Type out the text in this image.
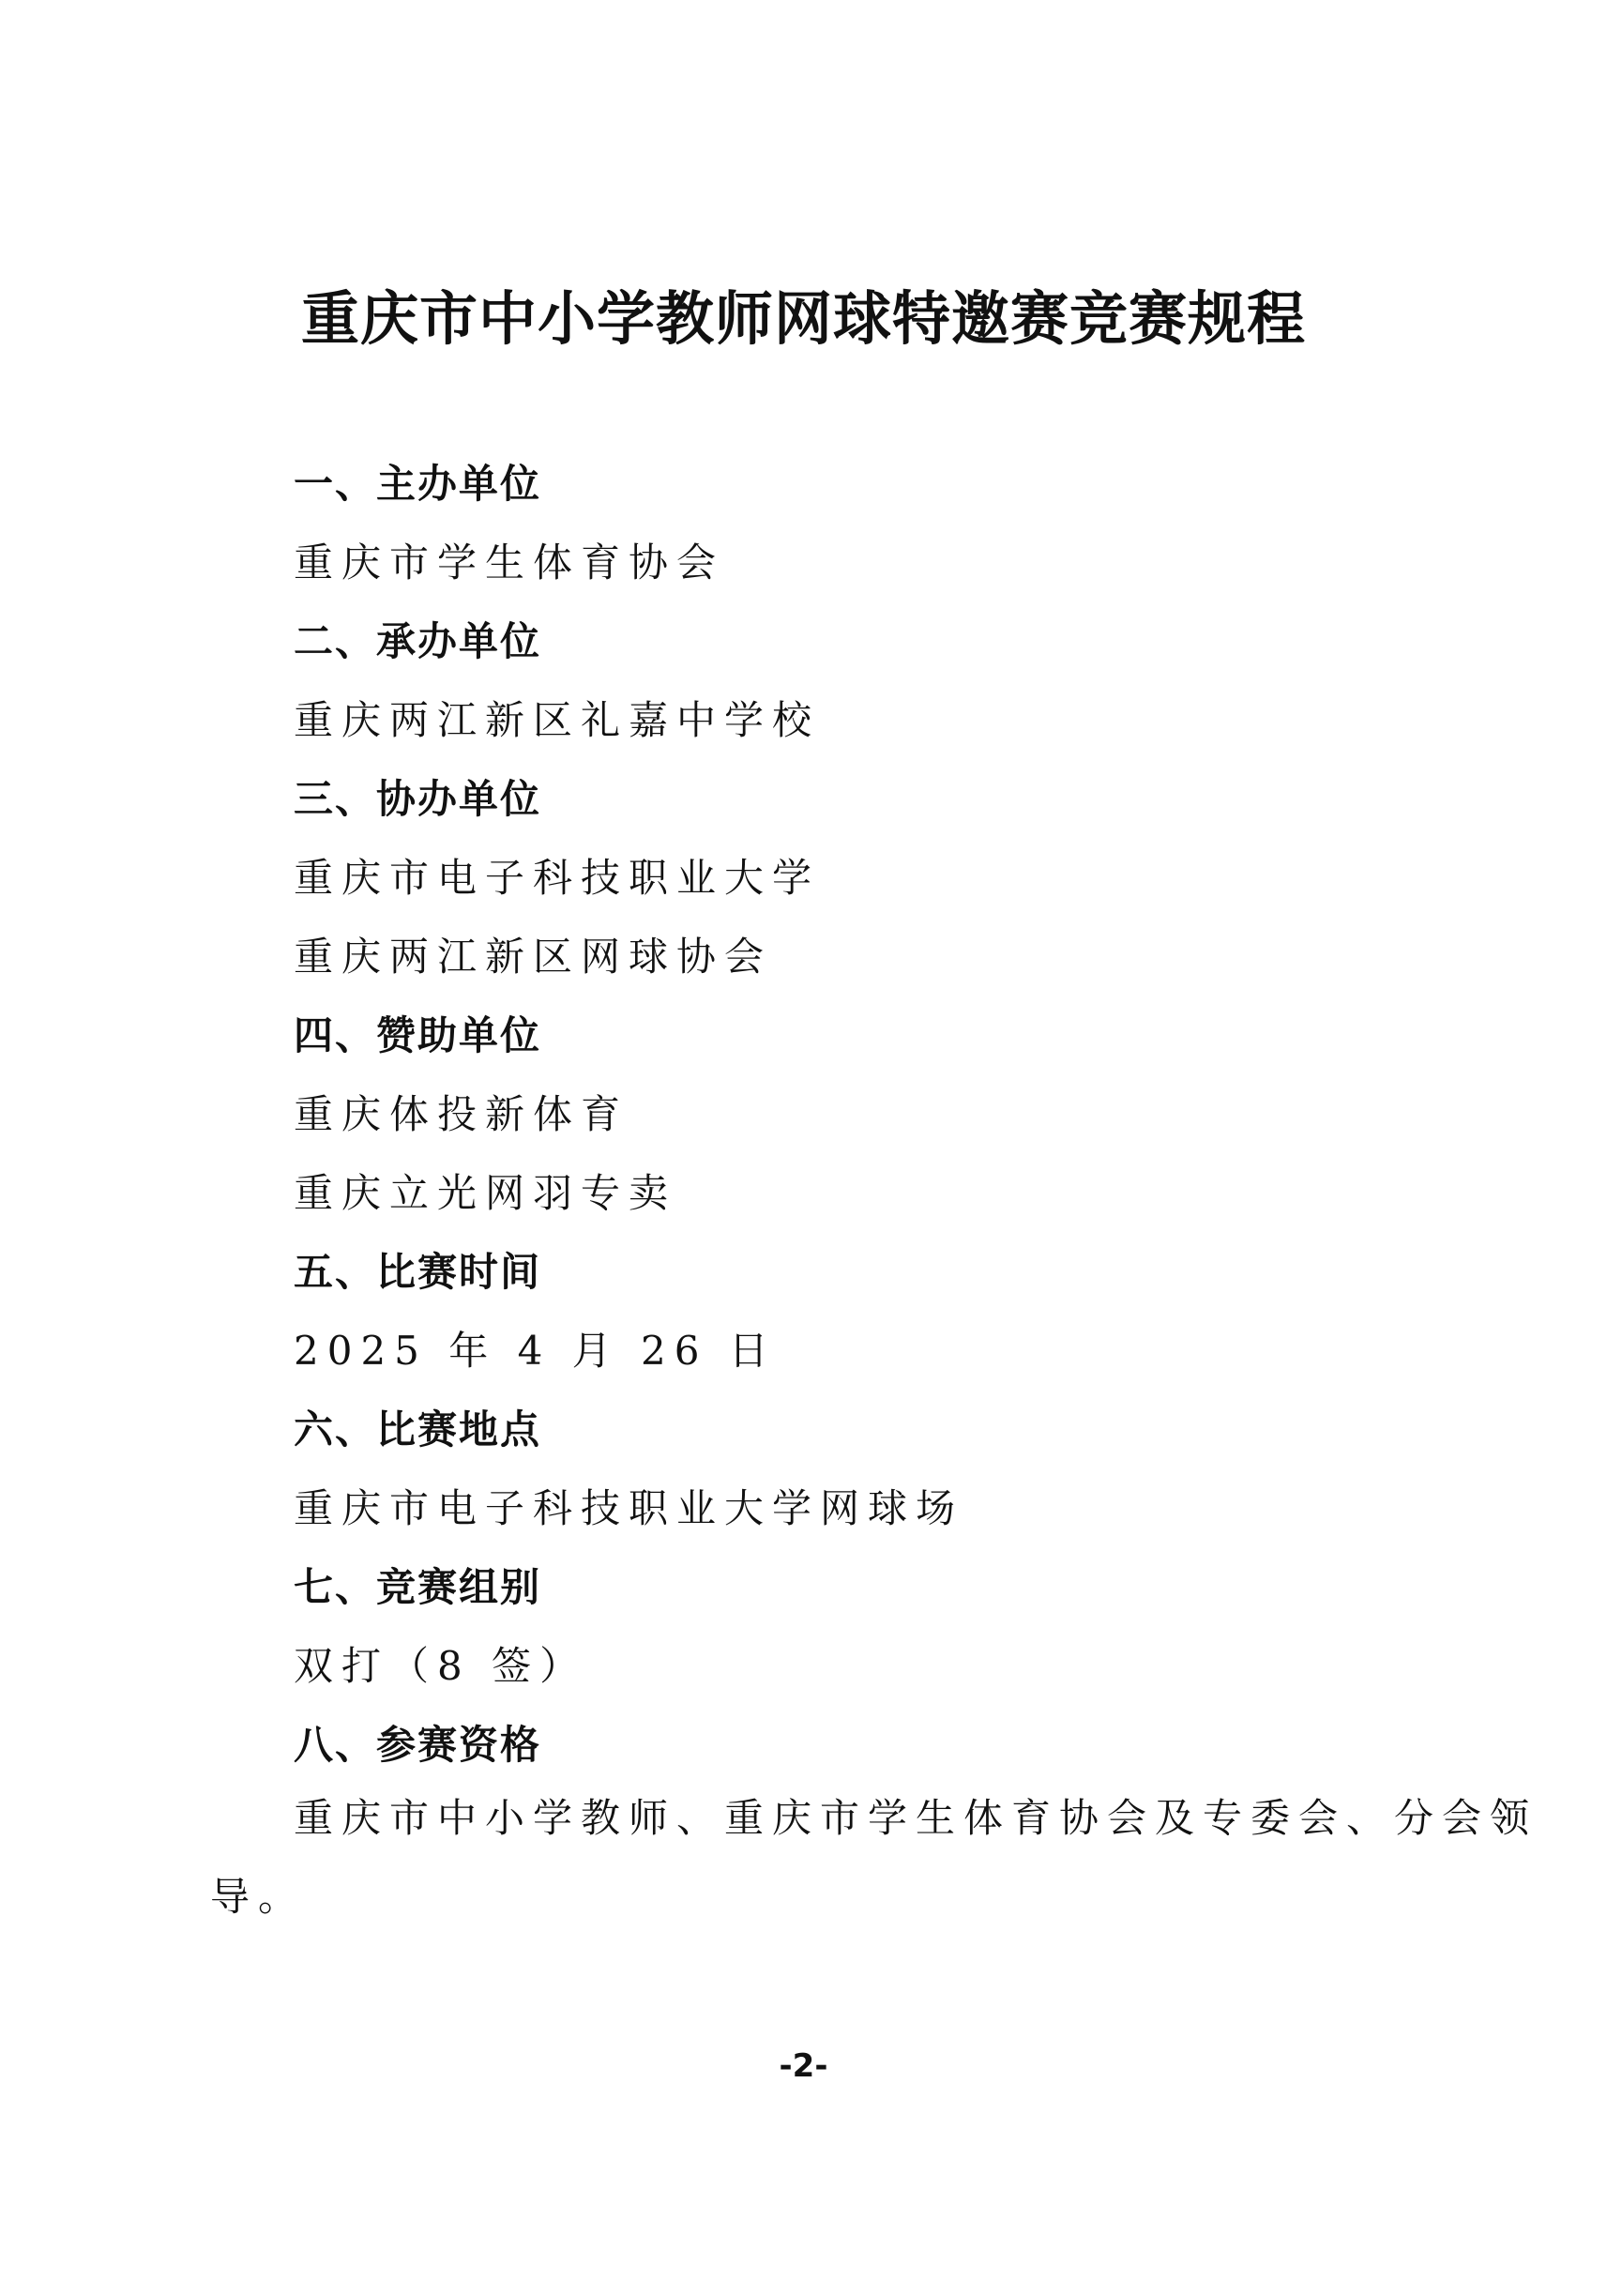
重庆市中小学教师网球特邀赛竞赛规程

一、主办单位

重庆市学生体育协会

二、承办单位

重庆两江新区礼嘉中学校

三、协办单位

重庆市电子科技职业大学

重庆两江新区网球协会

四、赞助单位

重庆体投新体育

重庆立光网羽专卖

五、比赛时间

2025 年 4 月 26 日

六、比赛地点

重庆市电子科技职业大学网球场

七、竞赛组别

双打（8 签）

八、参赛资格

重庆市中小学教师、重庆市学生体育协会及专委会、分会领

导。

-2-
